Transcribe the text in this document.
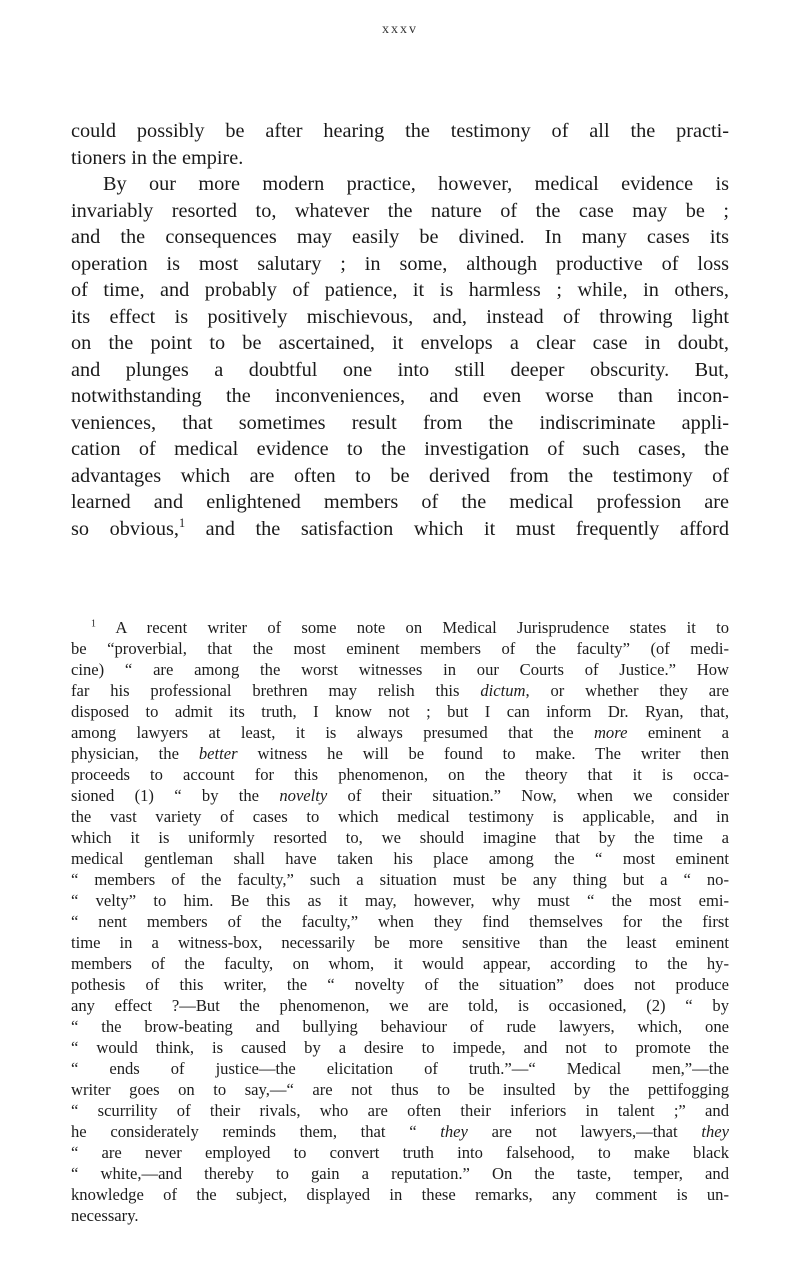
xxxv
could possibly be after hearing the testimony of all the practi-
tioners in the empire.
By our more modern practice, however, medical evidence is
invariably resorted to, whatever the nature of the case may be ;
and the consequences may easily be divined. In many cases its
operation is most salutary ; in some, although productive of loss
of time, and probably of patience, it is harmless ; while, in others,
its effect is positively mischievous, and, instead of throwing light
on the point to be ascertained, it envelops a clear case in doubt,
and plunges a doubtful one into still deeper obscurity. But,
notwithstanding the inconveniences, and even worse than incon-
veniences, that sometimes result from the indiscriminate appli-
cation of medical evidence to the investigation of such cases, the
advantages which are often to be derived from the testimony of
learned and enlightened members of the medical profession are
so obvious,$^1$ and the satisfaction which it must frequently afford
$^1$ A recent writer of some note on Medical Jurisprudence states it to
be “proverbial, that the most eminent members of the faculty” (of medi-
cine) “ are among the worst witnesses in our Courts of Justice.” How
far his professional brethren may relish this dictum, or whether they are
disposed to admit its truth, I know not ; but I can inform Dr. Ryan, that,
among lawyers at least, it is always presumed that the more eminent a
physician, the better witness he will be found to make. The writer then
proceeds to account for this phenomenon, on the theory that it is occa-
sioned (1) “ by the novelty of their situation.” Now, when we consider
the vast variety of cases to which medical testimony is applicable, and in
which it is uniformly resorted to, we should imagine that by the time a
medical gentleman shall have taken his place among the “ most eminent
“ members of the faculty,” such a situation must be any thing but a “ no-
“ velty” to him. Be this as it may, however, why must “ the most emi-
“ nent members of the faculty,” when they find themselves for the first
time in a witness-box, necessarily be more sensitive than the least eminent
members of the faculty, on whom, it would appear, according to the hy-
pothesis of this writer, the “ novelty of the situation” does not produce
any effect ?—But the phenomenon, we are told, is occasioned, (2) “ by
“ the brow-beating and bullying behaviour of rude lawyers, which, one
“ would think, is caused by a desire to impede, and not to promote the
“ ends of justice—the elicitation of truth.”—“ Medical men,”—the
writer goes on to say,—“ are not thus to be insulted by the pettifogging
“ scurrility of their rivals, who are often their inferiors in talent ;” and
he considerately reminds them, that “ they are not lawyers,—that they
“ are never employed to convert truth into falsehood, to make black
“ white,—and thereby to gain a reputation.” On the taste, temper, and
knowledge of the subject, displayed in these remarks, any comment is un-
necessary.
